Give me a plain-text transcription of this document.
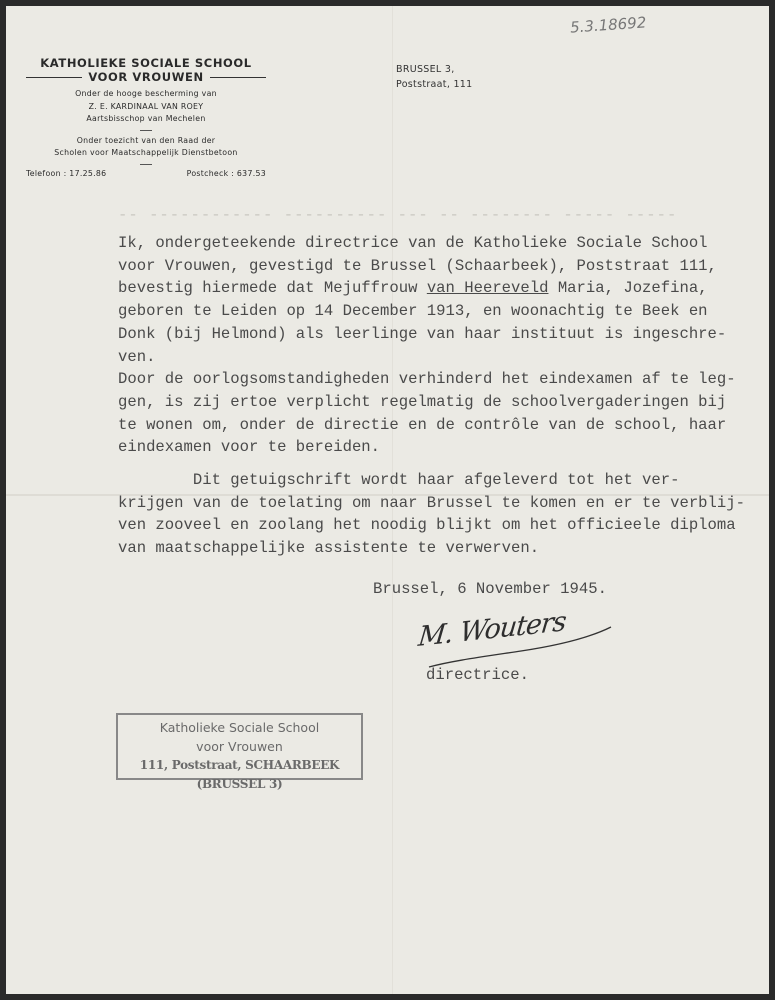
5.3.18692
KATHOLIEKE SOCIALE SCHOOL
VOOR VROUWEN
Onder de hooge bescherming van
Z. E. KARDINAAL VAN ROEY
Aartsbisschop van Mechelen
Onder toezicht van den Raad der
Scholen voor Maatschappelijk Dienstbetoon
Telefoon : 17.25.86	Postcheck : 637.53
BRUSSEL 3,
Poststraat, 111
-- ------------ ---------- --- -- -------- ----- -----
Ik, ondergeteekende directrice van de Katholieke Sociale School
voor Vrouwen, gevestigd te Brussel (Schaarbeek), Poststraat 111,
bevestig hiermede dat Mejuffrouw van Heereveld Maria, Jozefina,
geboren te Leiden op 14 December 1913, en woonachtig te Beek en
Donk (bij Helmond) als leerlinge van haar instituut is ingeschre-
ven.
Door de oorlogsomstandigheden verhinderd het eindexamen af te leg-
gen, is zij ertoe verplicht regelmatig de schoolvergaderingen bij
te wonen om, onder de directie en de contrôle van de school, haar
eindexamen voor te bereiden.
Dit getuigschrift wordt haar afgeleverd tot het ver-
krijgen van de toelating om naar Brussel te komen en er te verblij-
ven zooveel en zoolang het noodig blijkt om het officieele diploma
van maatschappelijke assistente te verwerven.
Brussel, 6 November 1945.
M. Wouters
directrice.
Katholieke Sociale School
voor Vrouwen
111, Poststraat, SCHAARBEEK (BRUSSEL 3)
